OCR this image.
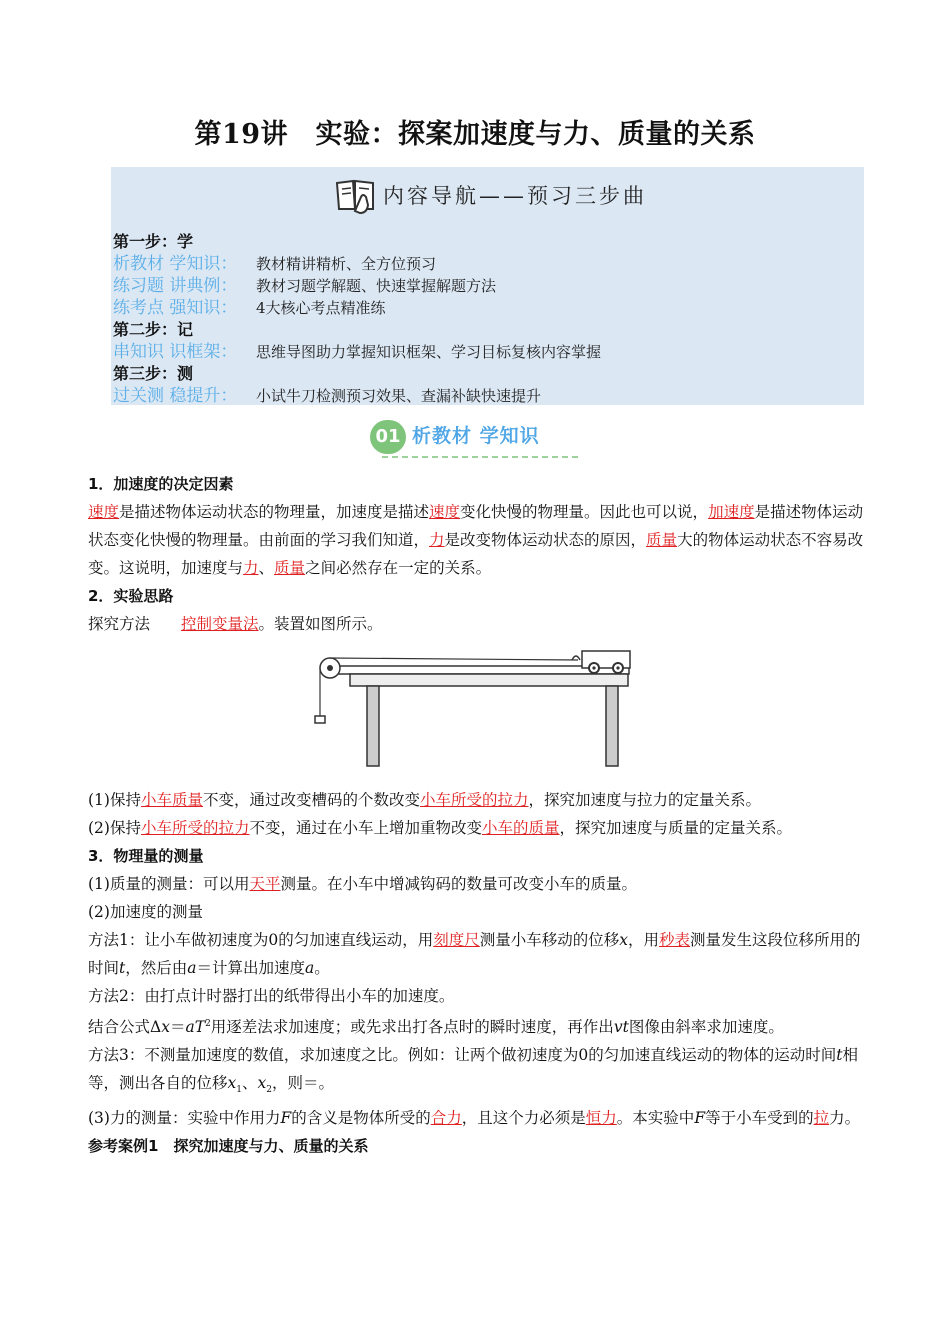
第19讲　实验：探案加速度与力、质量的关系
内容导航——预习三步曲
第一步：学
析教材 学知识：	教材精讲精析、全方位预习
练习题 讲典例：	教材习题学解题、快速掌握解题方法
练考点 强知识：	4大核心考点精准练
第二步：记
串知识 识框架：	思维导图助力掌握知识框架、学习目标复核内容掌握
第三步：测
过关测 稳提升：	小试牛刀检测预习效果、查漏补缺快速提升
01 析教材 学知识

1．加速度的决定因素

速度是描述物体运动状态的物理量，加速度是描述速度变化快慢的物理量。因此也可以说，加速度是描述物体运动状态变化快慢的物理量。由前面的学习我们知道，力是改变物体运动状态的原因，质量大的物体运动状态不容易改变。这说明，加速度与力、质量之间必然存在一定的关系。

2．实验思路

探究方法　　控制变量法。装置如图所示。

(1)保持小车质量不变，通过改变槽码的个数改变小车所受的拉力，探究加速度与拉力的定量关系。

(2)保持小车所受的拉力不变，通过在小车上增加重物改变小车的质量，探究加速度与质量的定量关系。

3．物理量的测量

(1)质量的测量：可以用天平测量。在小车中增减钩码的数量可改变小车的质量。

(2)加速度的测量

方法1：让小车做初速度为0的匀加速直线运动，用刻度尺测量小车移动的位移x，用秒表测量发生这段位移所用的时间t，然后由a＝计算出加速度a。

方法2：由打点计时器打出的纸带得出小车的加速度。

结合公式$\Delta x=aT^2$用逐差法求加速度；或先求出打各点时的瞬时速度，再作出vt图像由斜率求加速度。

方法3：不测量加速度的数值，求加速度之比。例如：让两个做初速度为0的匀加速直线运动的物体的运动时间t相等，测出各自的位移$x_1$、$x_2$，则＝。

(3)力的测量：实验中作用力F的含义是物体所受的合力，且这个力必须是恒力。本实验中F等于小车受到的拉力。

参考案例1　探究加速度与力、质量的关系
